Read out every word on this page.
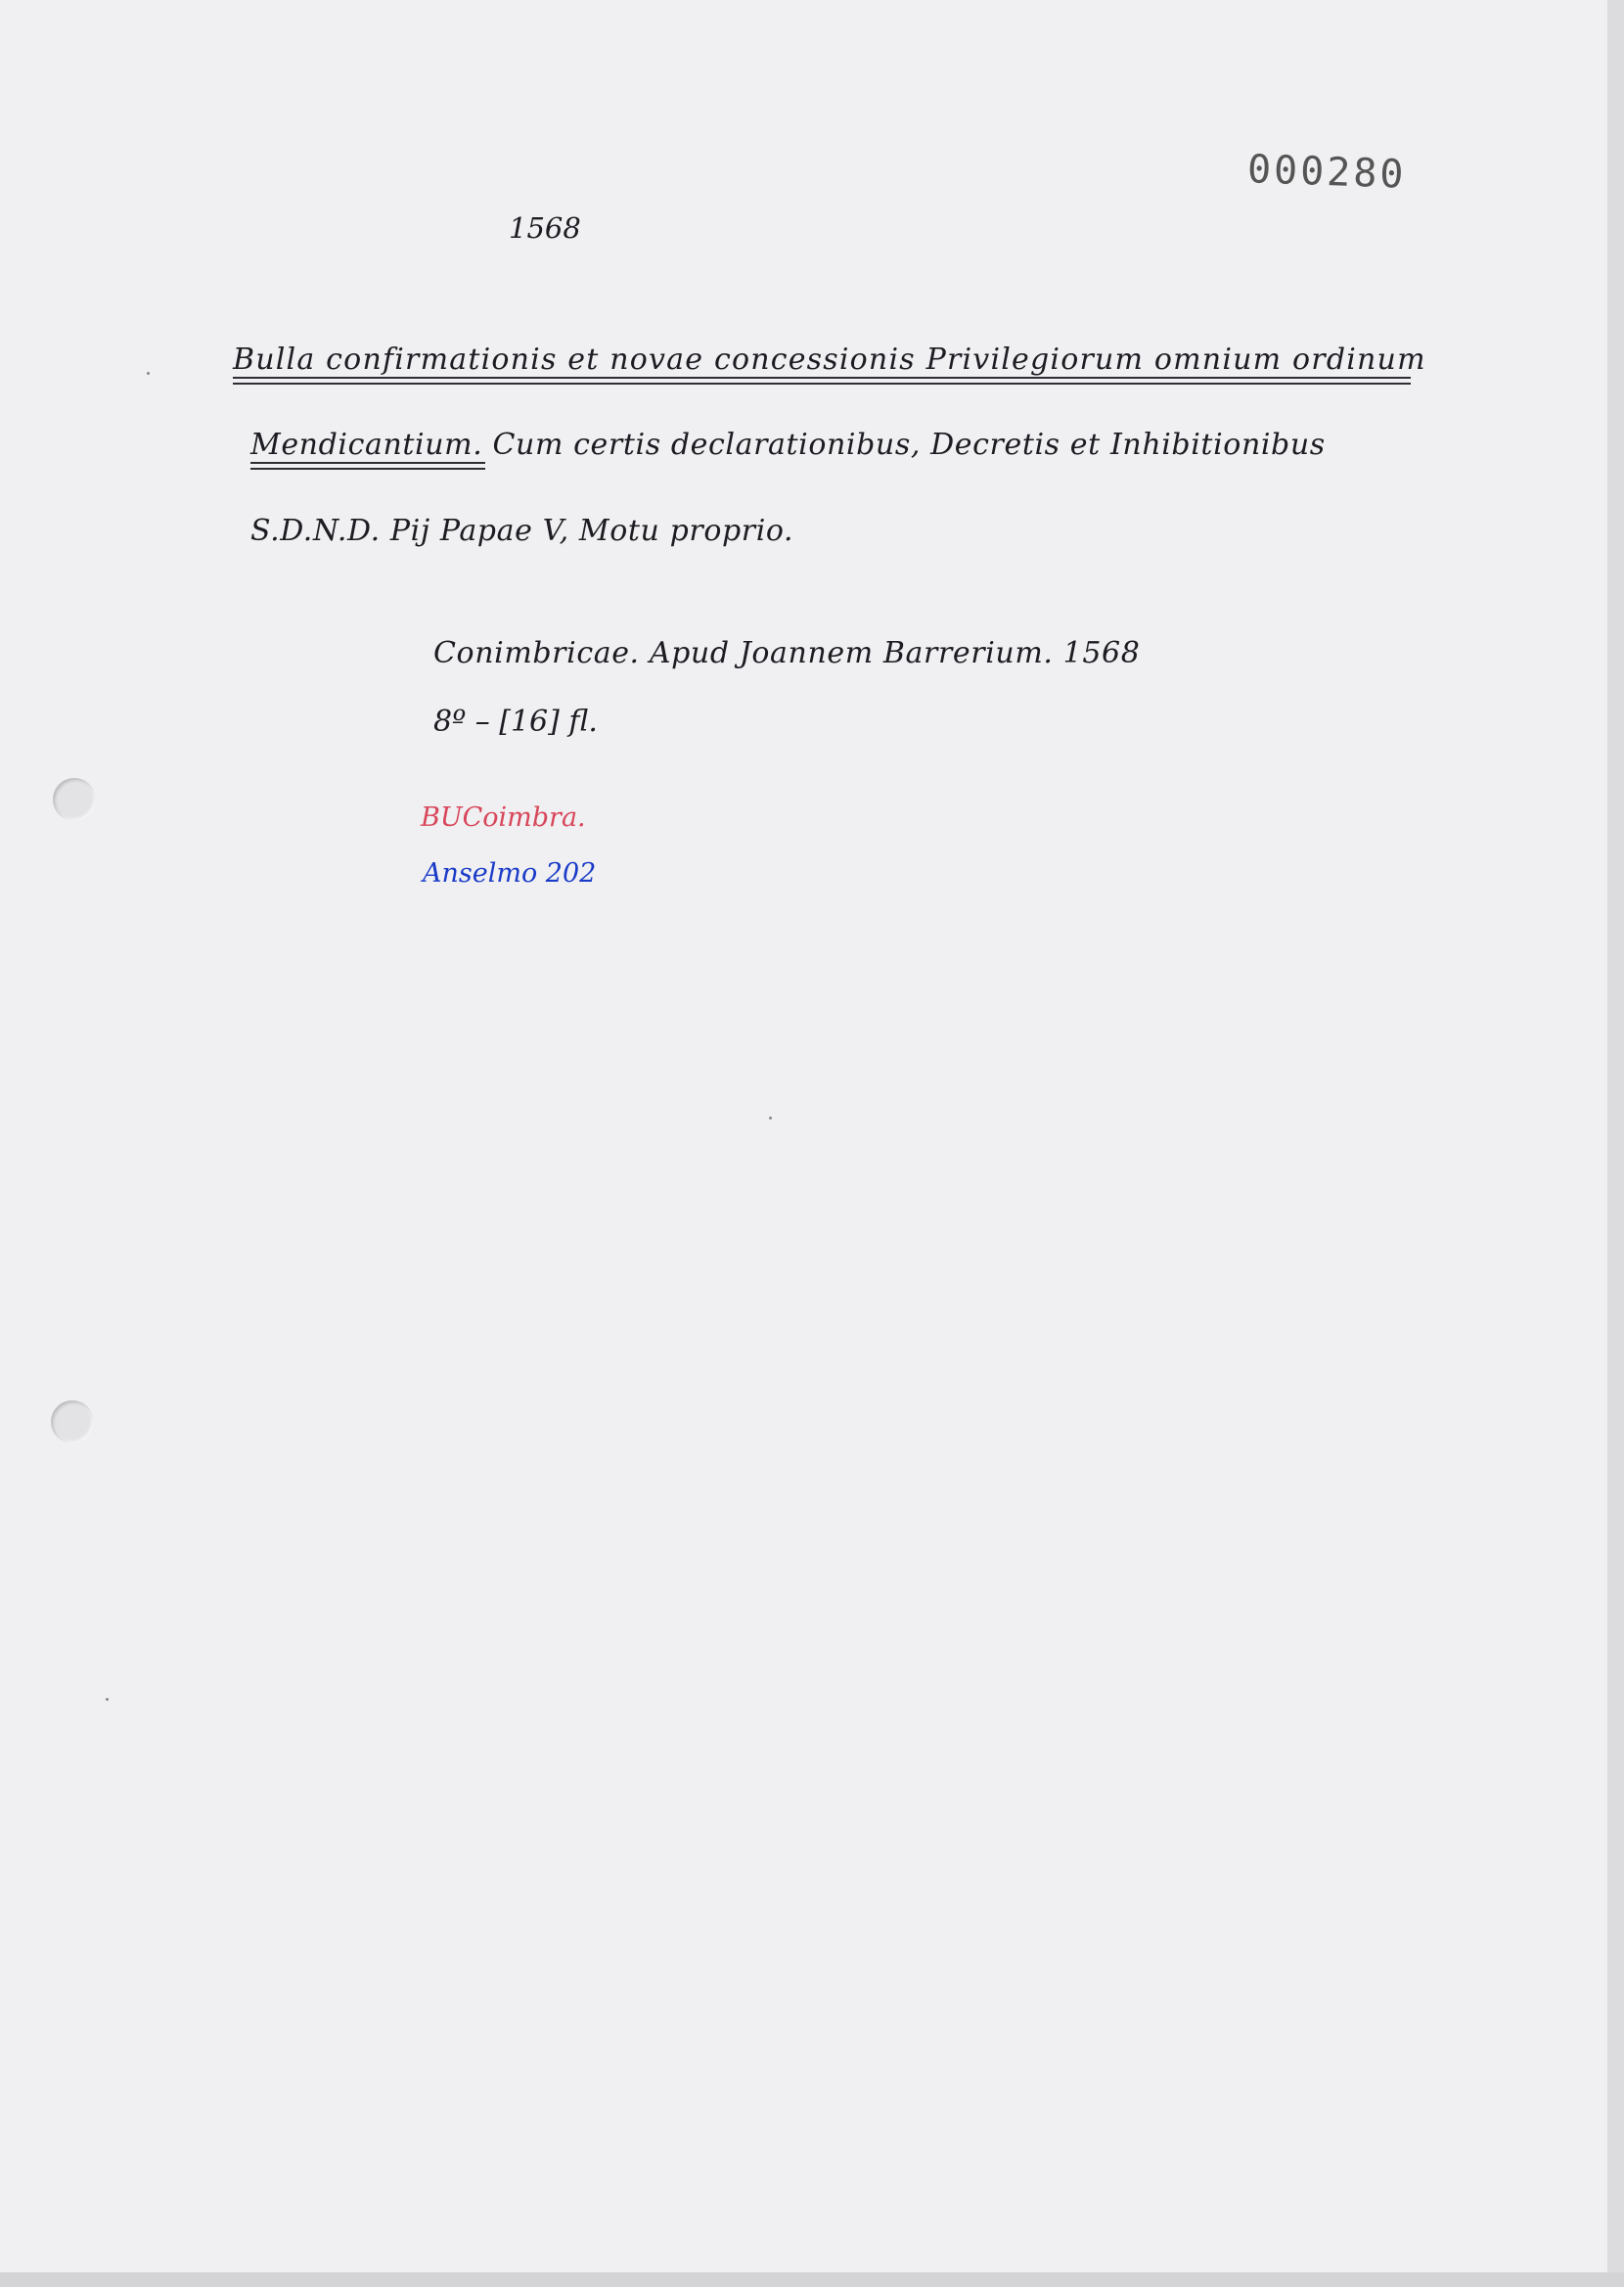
000280
1568
Bulla confirmationis et novae concessionis Privilegiorum omnium ordinum
Mendicantium. Cum certis declarationibus, Decretis et Inhibitionibus
S.D.N.D. Pij Papae V, Motu proprio.
Conimbricae. Apud Joannem Barrerium. 1568
8º – [16] fl.
BUCoimbra.
Anselmo 202
